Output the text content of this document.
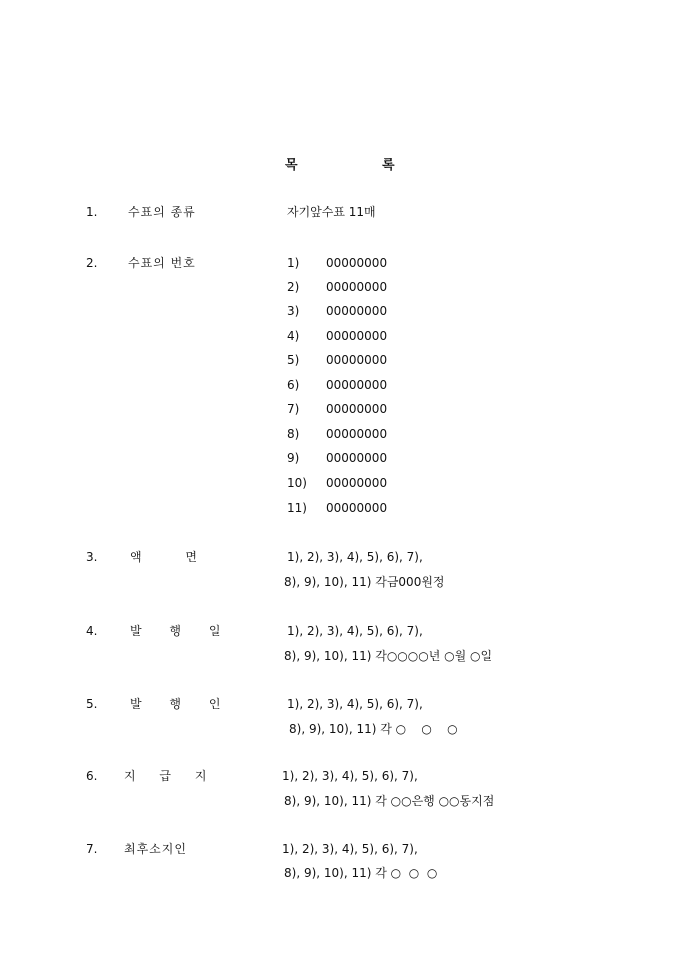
목	록
1.	수표의 종류	자기앞수표 11매
2.	수표의 번호	1) 00000000
2) 00000000
3) 00000000
4) 00000000
5) 00000000
6) 00000000
7) 00000000
8) 00000000
9) 00000000
10) 00000000
11) 00000000
3.	액 면	1), 2), 3), 4), 5), 6), 7),
8), 9), 10), 11) 각금000원정
4.	발 행 일	1), 2), 3), 4), 5), 6), 7),
8), 9), 10), 11) 각○○○○년 ○월 ○일
5.	발 행 인	1), 2), 3), 4), 5), 6), 7),
8), 9), 10), 11) 각 ○    ○    ○
6. 지 급 지	1), 2), 3), 4), 5), 6), 7),
8), 9), 10), 11) 각 ○○은행 ○○동지점
7. 최후소지인	1), 2), 3), 4), 5), 6), 7),
8), 9), 10), 11) 각 ○  ○  ○
